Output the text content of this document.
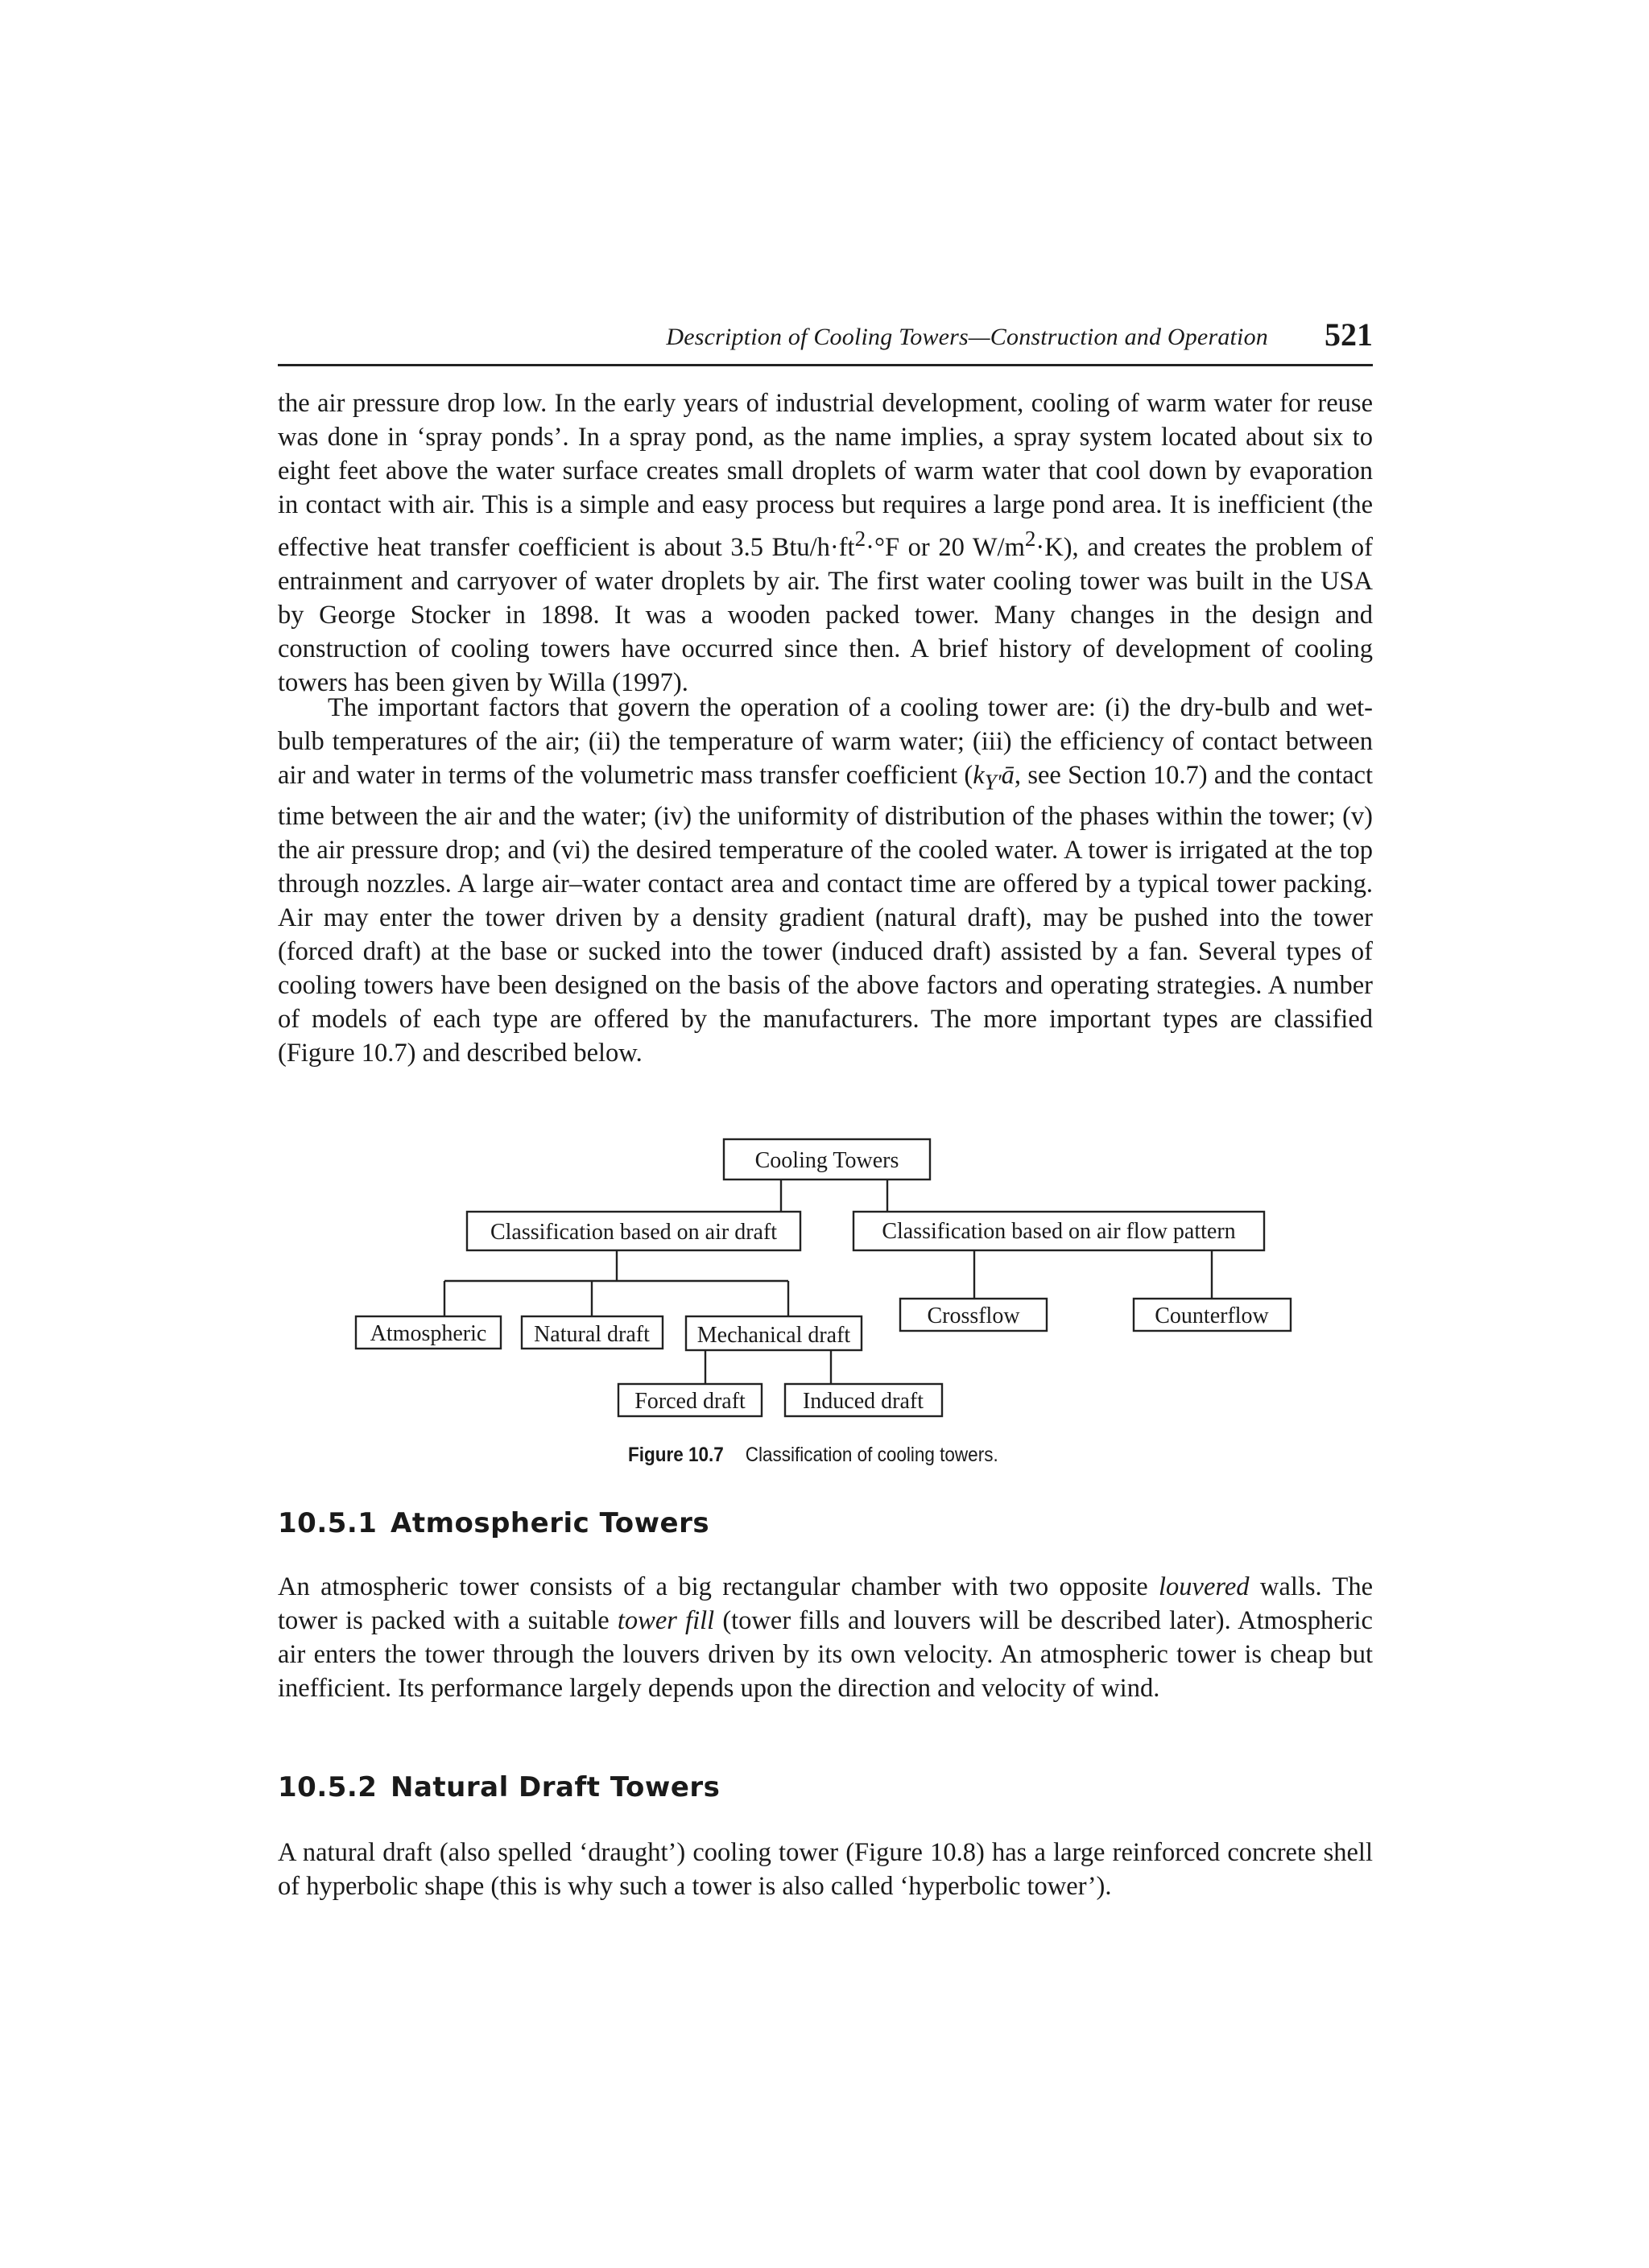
Description of Cooling Towers—Construction and Operation 521

the air pressure drop low. In the early years of industrial development, cooling of warm water for reuse was done in ‘spray ponds’. In a spray pond, as the name implies, a spray system located about six to eight feet above the water surface creates small droplets of warm water that cool down by evaporation in contact with air. This is a simple and easy process but requires a large pond area. It is inefficient (the effective heat transfer coefficient is about 3.5 Btu/$h\cdot ft^2\cdot^\circ F$ or 20 $W/m^2\cdot K$), and creates the problem of entrainment and carryover of water droplets by air. The first water cooling tower was built in the USA by George Stocker in 1898. It was a wooden packed tower. Many changes in the design and construction of cooling towers have occurred since then. A brief history of development of cooling towers has been given by Willa (1997).

The important factors that govern the operation of a cooling tower are: (i) the dry-bulb and wet-bulb temperatures of the air; (ii) the temperature of warm water; (iii) the efficiency of contact between air and water in terms of the volumetric mass transfer coefficient ($k_{Y'}ā$, see Section 10.7) and the contact time between the air and the water; (iv) the uniformity of distribution of the phases within the tower; (v) the air pressure drop; and (vi) the desired temperature of the cooled water. A tower is irrigated at the top through nozzles. A large air–water contact area and contact time are offered by a typical tower packing. Air may enter the tower driven by a density gradient (natural draft), may be pushed into the tower (forced draft) at the base or sucked into the tower (induced draft) assisted by a fan. Several types of cooling towers have been designed on the basis of the above factors and operating strategies. A number of models of each type are offered by the manufacturers. The more important types are classified (Figure 10.7) and described below.

Cooling Towers
Classification based on air draft	Classification based on air flow pattern
Atmospheric Natural draft Mechanical draft
Crossflow	Counterflow
Forced draft	Induced draft
Figure 10.7 Classification of cooling towers.
10.5.1 Atmospheric Towers

An atmospheric tower consists of a big rectangular chamber with two opposite louvered walls. The tower is packed with a suitable tower fill (tower fills and louvers will be described later). Atmospheric air enters the tower through the louvers driven by its own velocity. An atmospheric tower is cheap but inefficient. Its performance largely depends upon the direction and velocity of wind.

10.5.2 Natural Draft Towers

A natural draft (also spelled ‘draught’) cooling tower (Figure 10.8) has a large reinforced concrete shell of hyperbolic shape (this is why such a tower is also called ‘hyperbolic tower’).
